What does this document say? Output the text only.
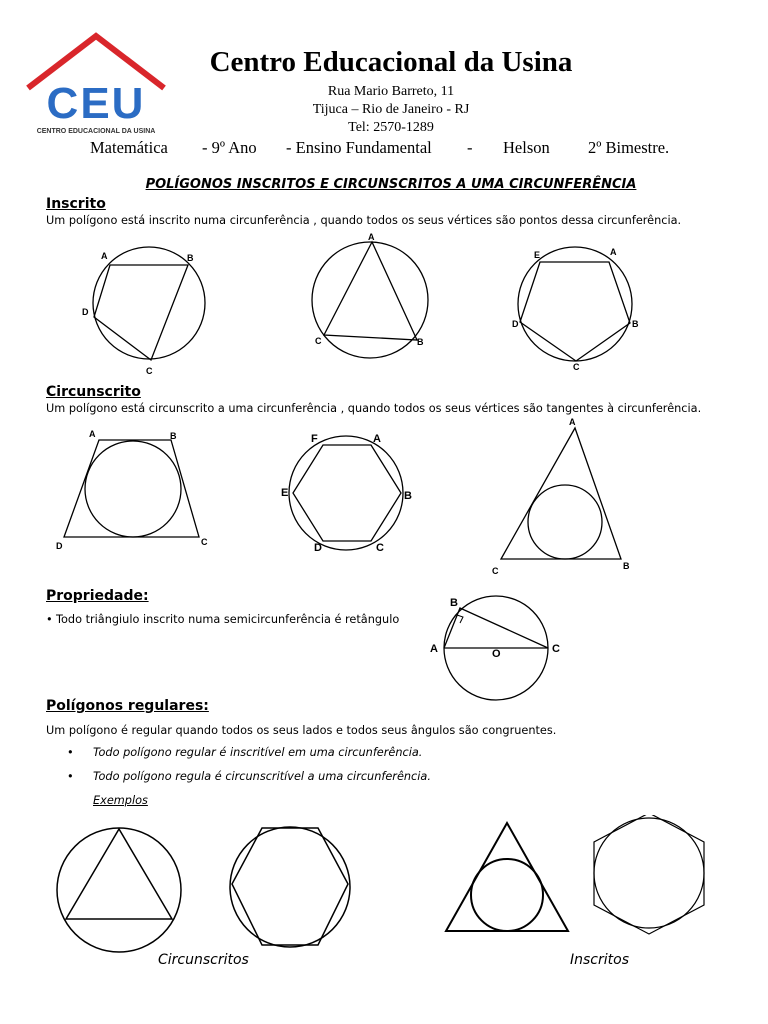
CEU
CENTRO EDUCACIONAL DA USINA
Centro Educacional da Usina
Rua Mario Barreto, 11
Tijuca – Rio de Janeiro - RJ
Tel: 2570-1289
Matemática - 9º Ano - Ensino Fundamental - Helson 2º Bimestre.
POLÍGONOS INSCRITOS E CIRCUNSCRITOS A UMA CIRCUNFERÊNCIA
Inscrito
Um polígono está inscrito numa circunferência , quando todos os seus vértices são pontos dessa circunferência.
A	B
C
D
A
B
C
E	A
B
C
D
Circunscrito
Um polígono está circunscrito a uma circunferência , quando todos os seus vértices são tangentes à circunferência.
A	B
C
D
F	A
B
C
D
E
A
B
C
Propriedade:
• Todo triângiulo inscrito numa semicircunferência é retângulo
B
A	C
O
Polígonos regulares:
Um polígono é regular quando todos os seus lados e todos seus ângulos são congruentes.
• Todo polígono regular é inscritível em uma circunferência.
• Todo polígono regula é circunscritível a uma circunferência.
Exemplos
Circunscritos	Inscritos
